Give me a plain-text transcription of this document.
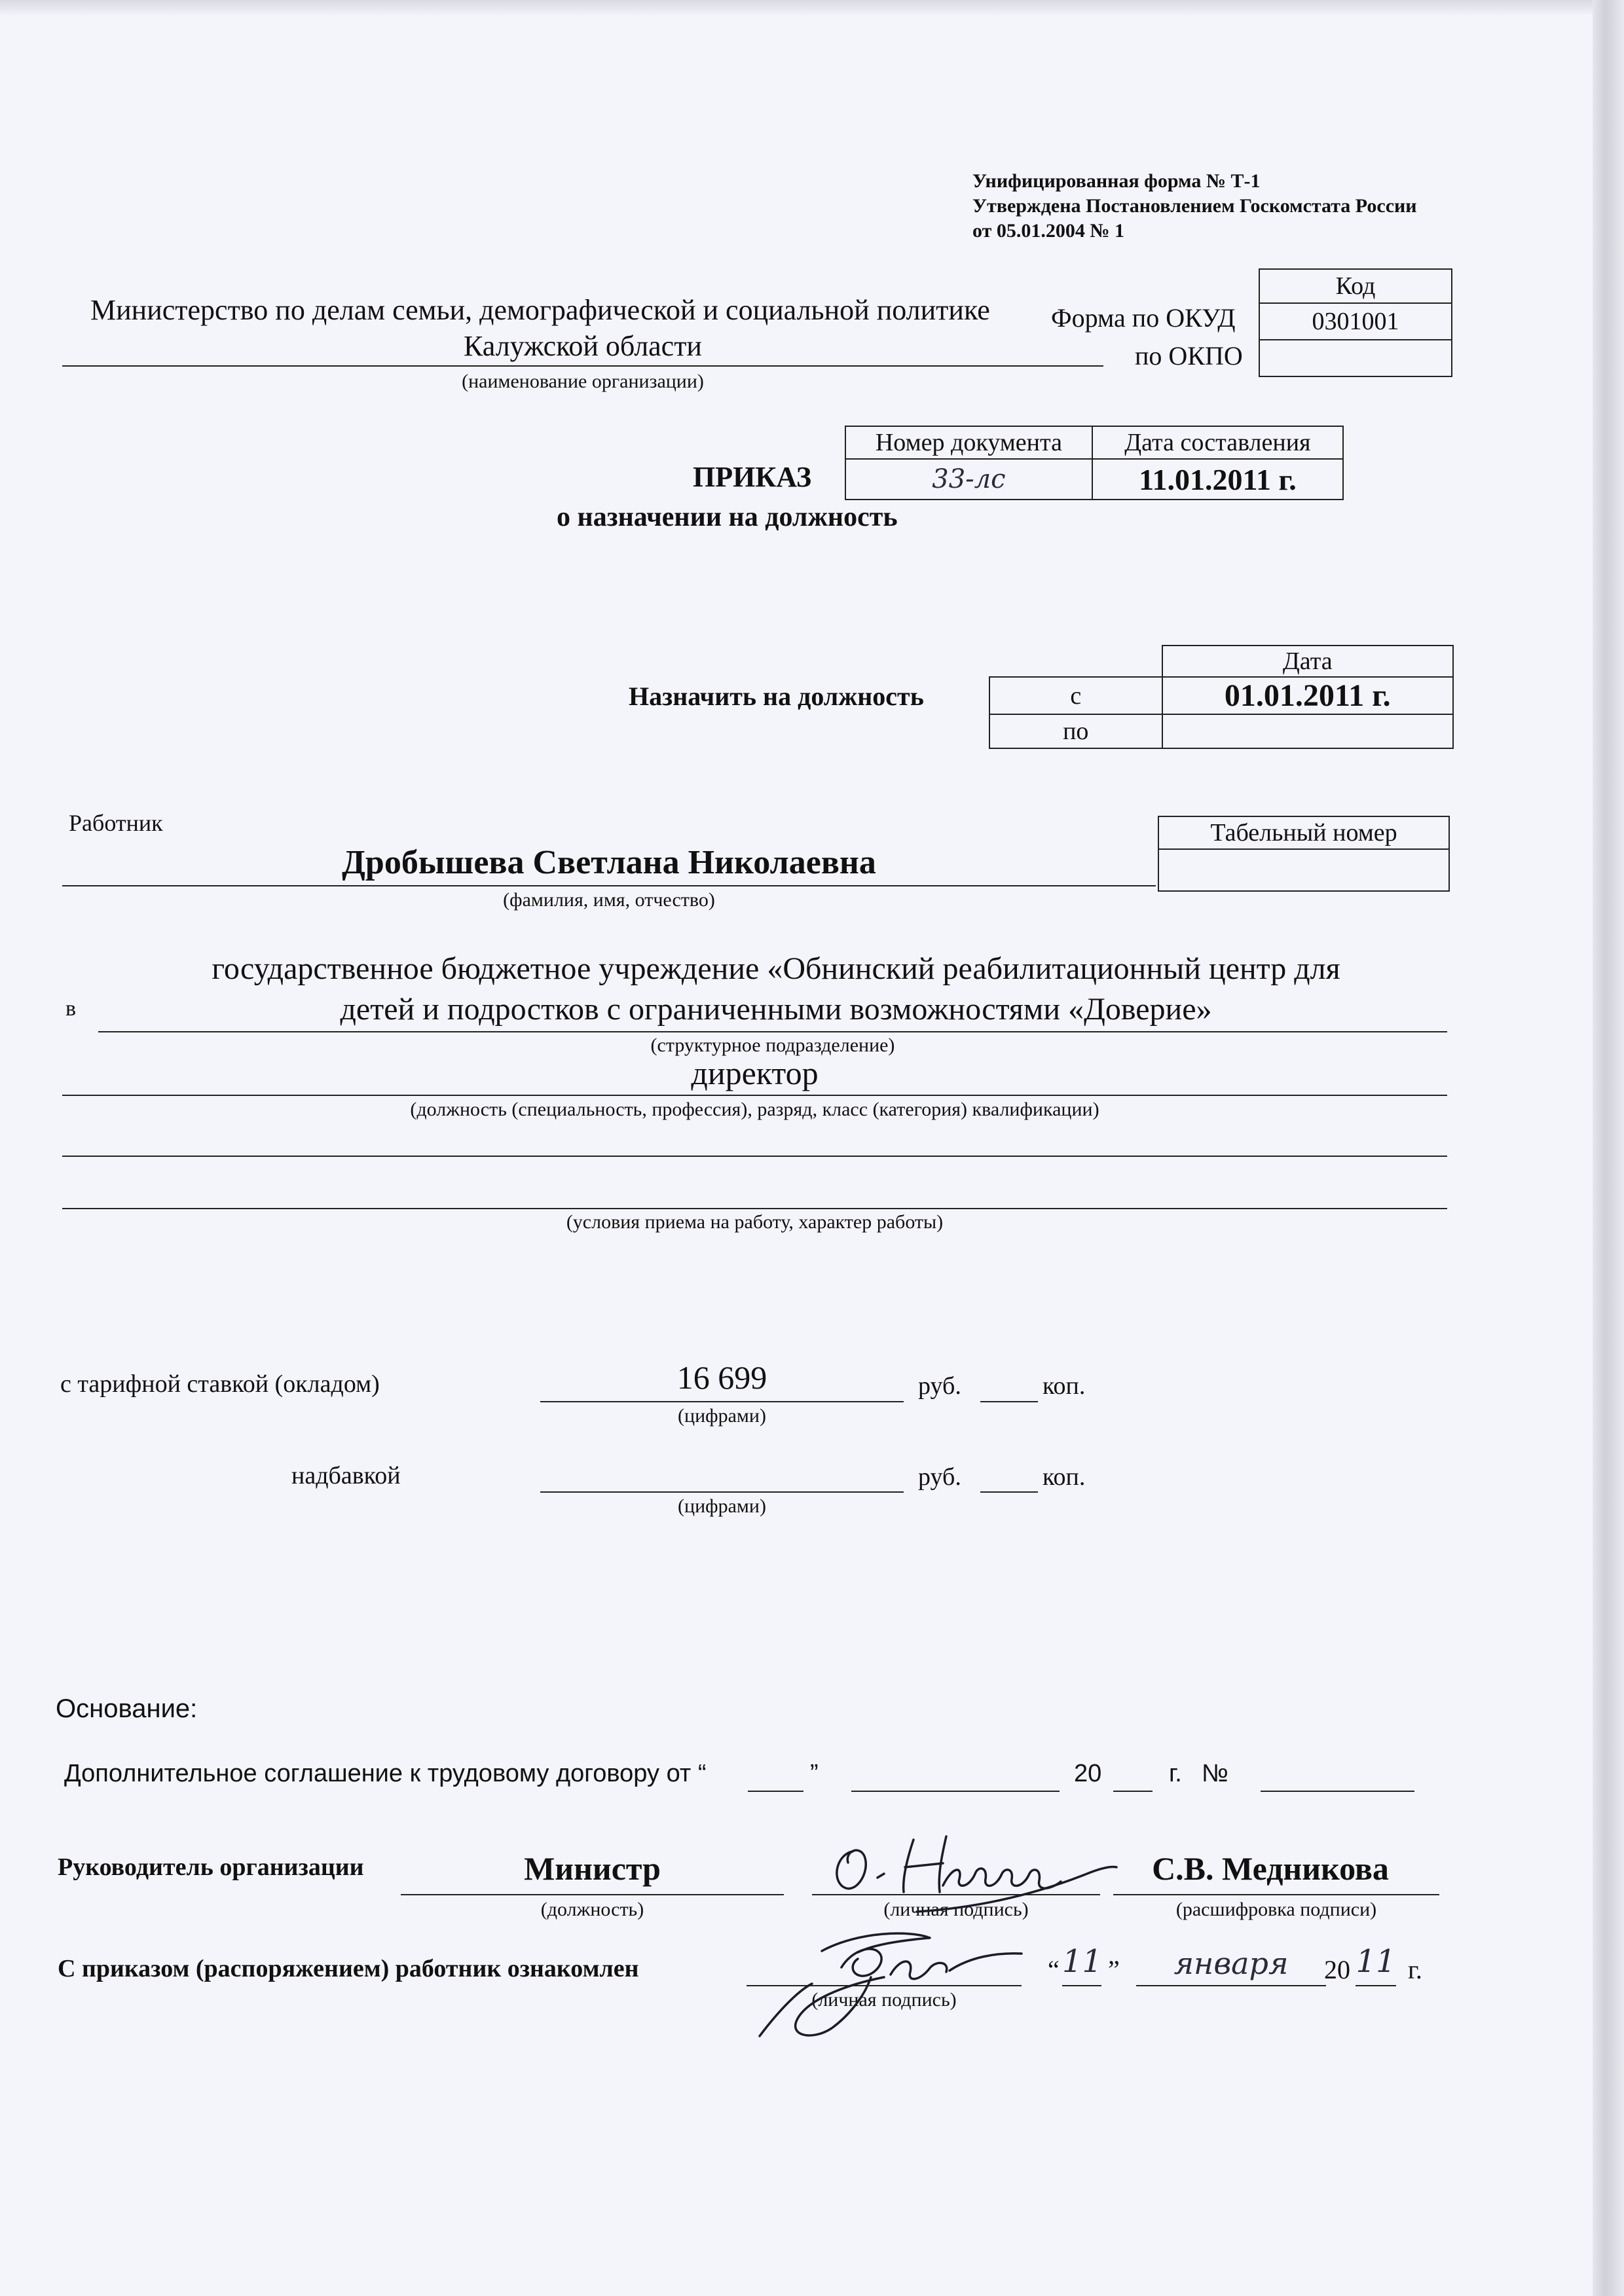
Унифицированная форма № Т-1
Утверждена Постановлением Госкомстата России
от 05.01.2004 № 1
Министерство по делам семьи, демографической и социальной политике
Калужской области
(наименование организации)
Форма по ОКУД
по ОКПО
Код
0301001

ПРИКАЗ
о назначении на должность
Номер документа	Дата составления
33-лс	11.01.2011 г.
Назначить на должность
	Дата
с	01.01.2011 г.
по	
Работник
Дробышева Светлана Николаевна
(фамилия, имя, отчество)
Табельный номер

государственное бюджетное учреждение «Обнинский реабилитационный центр для
в	детей и подростков с ограниченными возможностями «Доверие»
(структурное подразделение)
директор
(должность (специальность, профессия), разряд, класс (категория) квалификации)
(условия приема на работу, характер работы)
с тарифной ставкой (окладом)	16 699
(цифрами)
руб.	коп.
надбавкой
(цифрами)
руб.	коп.
Основание:
Дополнительное соглашение к трудовому договору от “	”	20	г. №
Руководитель организации	Министр
(должность)	(личная подпись)
С.В. Медникова
(расшифровка подписи)
С приказом (распоряжением) работник ознакомлен
(личная подпись)
“ 11 ”	января	20 11 г.
